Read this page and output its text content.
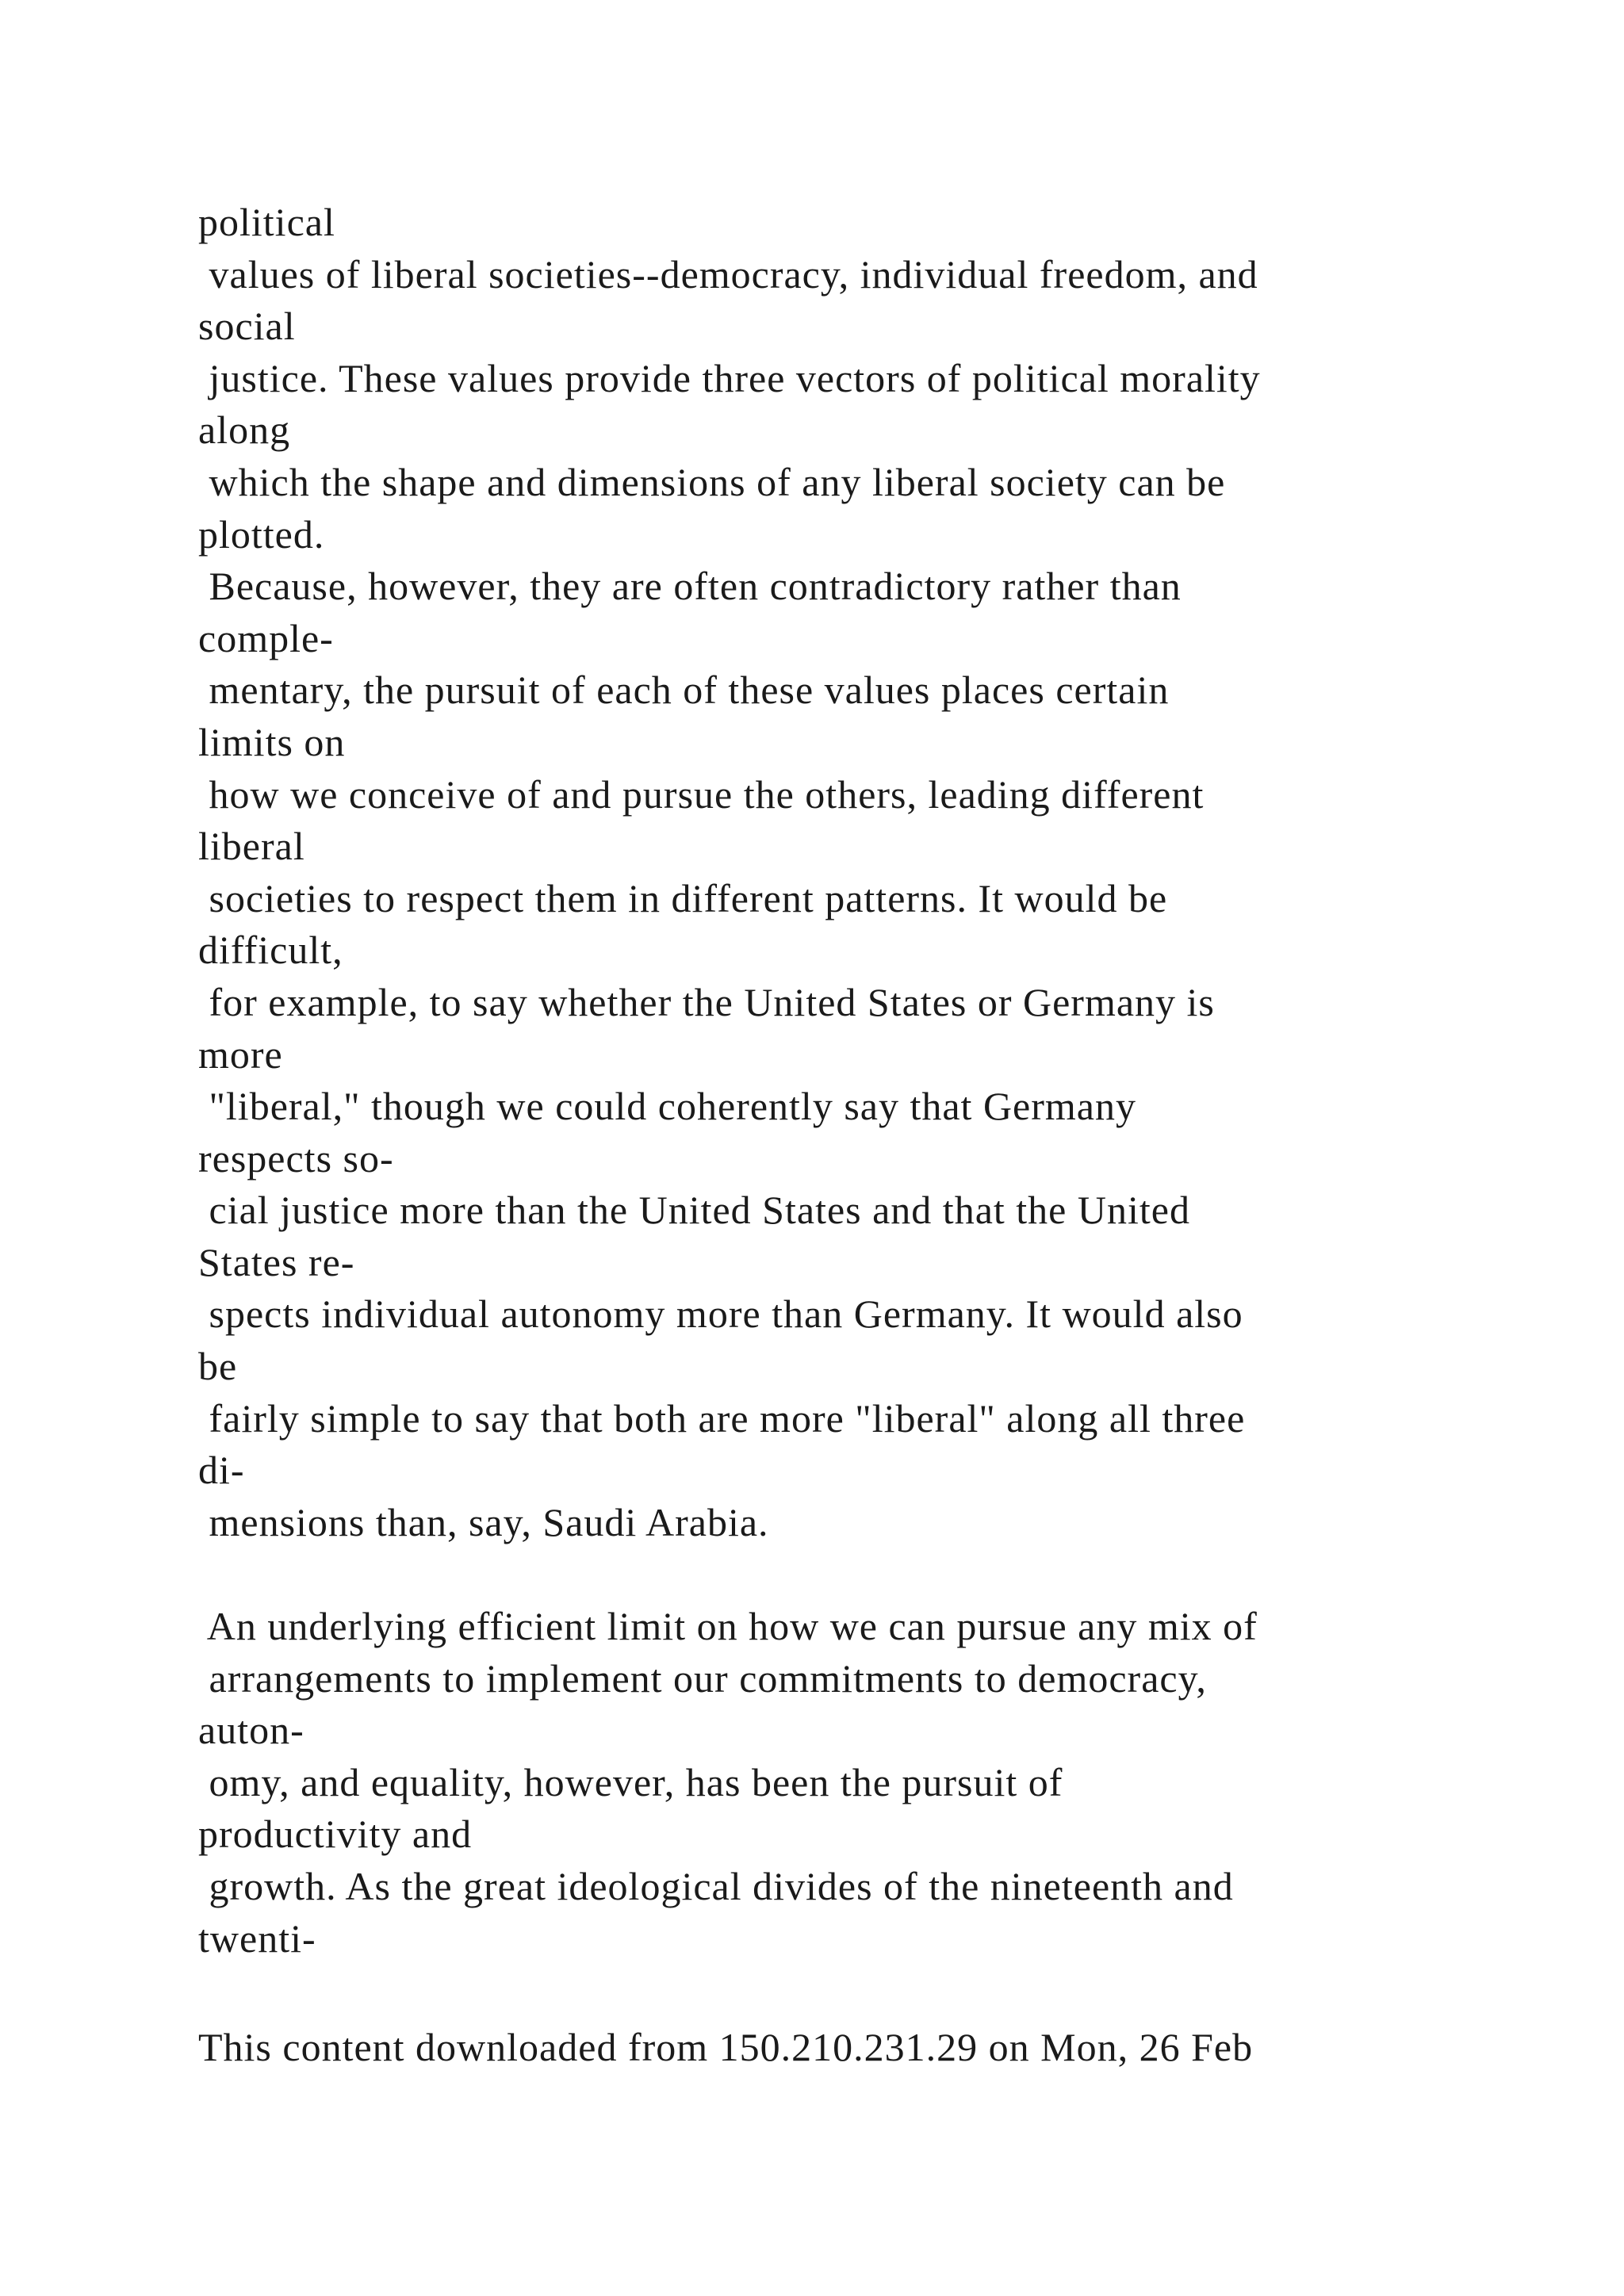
political
values of liberal societies--democracy, individual freedom, and
social
justice. These values provide three vectors of political morality
along
which the shape and dimensions of any liberal society can be
plotted.
Because, however, they are often contradictory rather than
comple-
mentary, the pursuit of each of these values places certain
limits on
how we conceive of and pursue the others, leading different
liberal
societies to respect them in different patterns. It would be
difficult,
for example, to say whether the United States or Germany is
more
"liberal," though we could coherently say that Germany
respects so-
cial justice more than the United States and that the United
States re-
spects individual autonomy more than Germany. It would also
be
fairly simple to say that both are more "liberal" along all three
di-
mensions than, say, Saudi Arabia.
An underlying efficient limit on how we can pursue any mix of
arrangements to implement our commitments to democracy,
auton-
omy, and equality, however, has been the pursuit of
productivity and
growth. As the great ideological divides of the nineteenth and
twenti-
This content downloaded from 150.210.231.29 on Mon, 26 Feb
